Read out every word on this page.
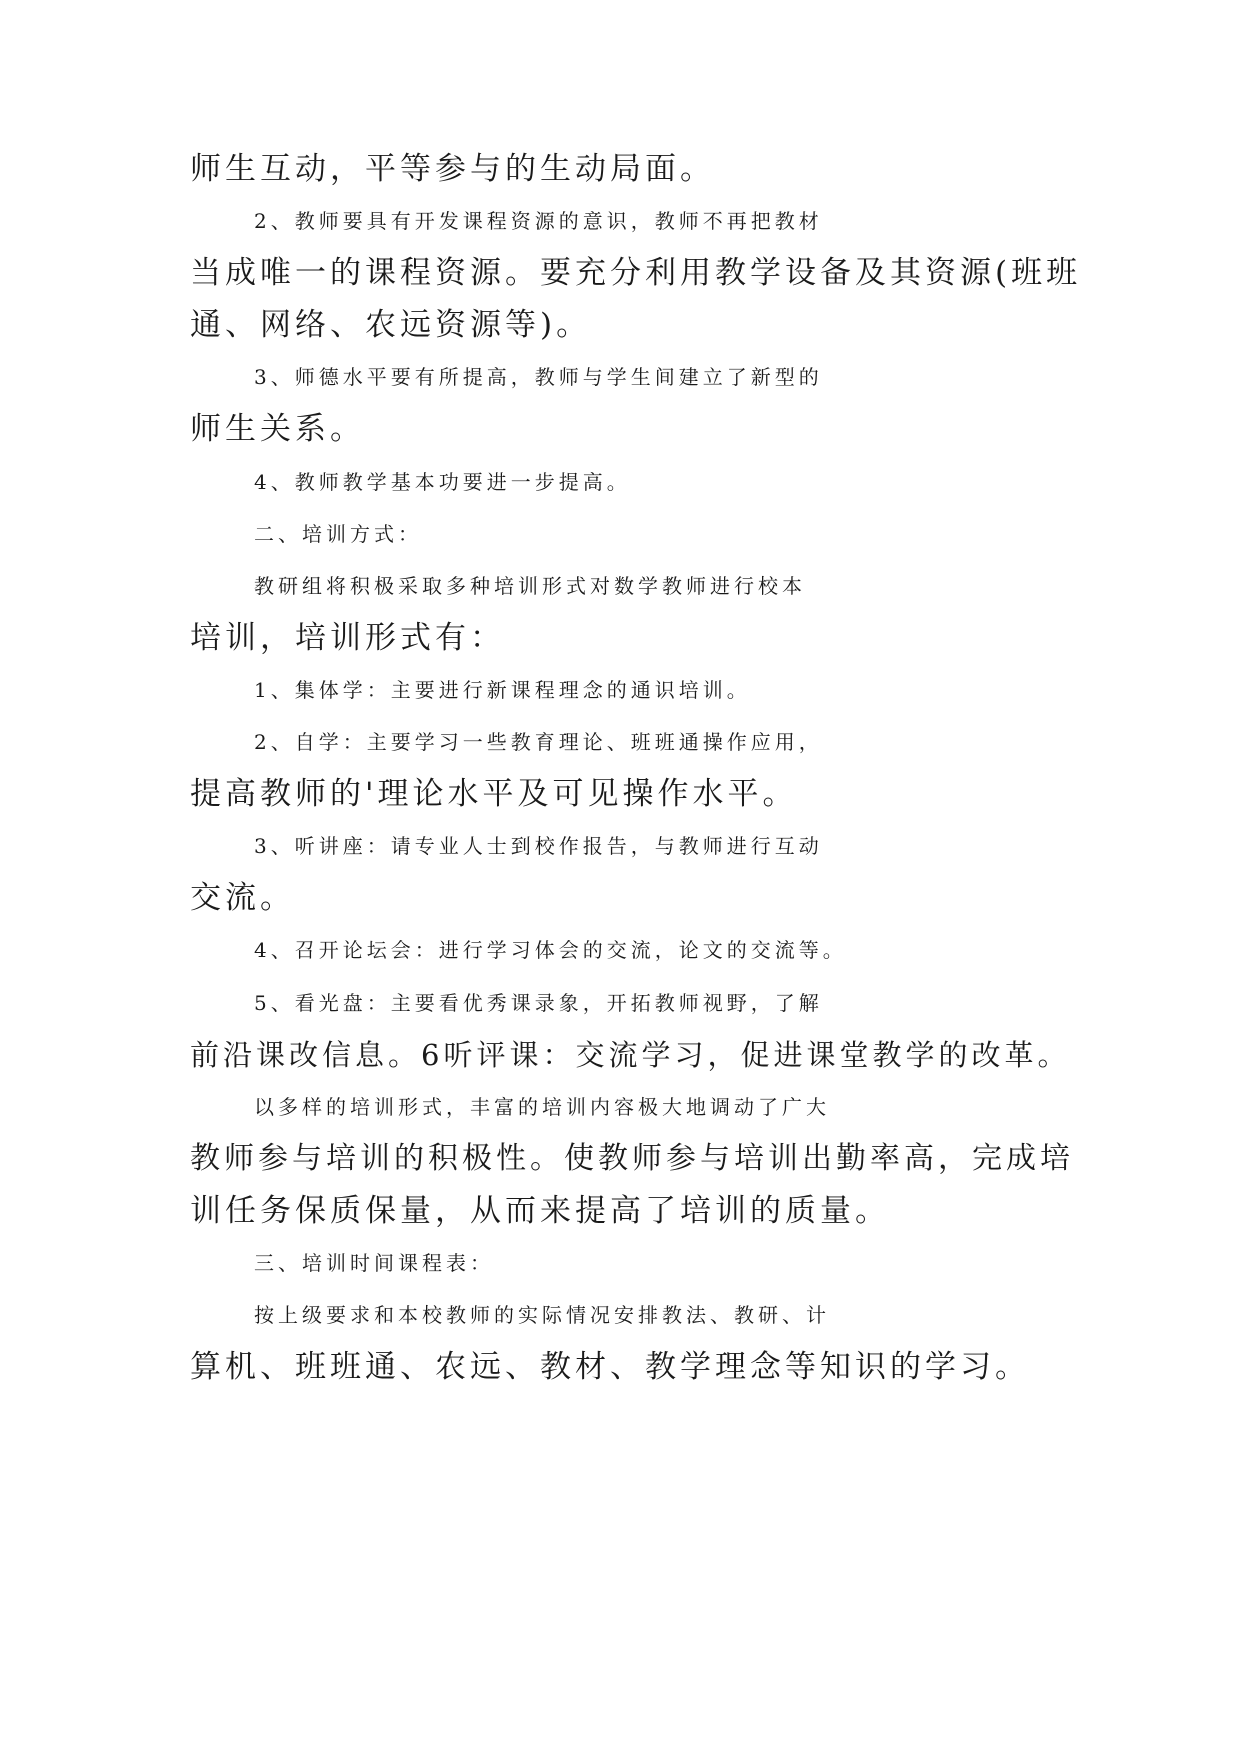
师生互动，平等参与的生动局面。
2、教师要具有开发课程资源的意识，教师不再把教材
当成唯一的课程资源。要充分利用教学设备及其资源(班班
通、网络、农远资源等)。
3、师德水平要有所提高，教师与学生间建立了新型的
师生关系。
4、教师教学基本功要进一步提高。
二、培训方式：
教研组将积极采取多种培训形式对数学教师进行校本
培训，培训形式有：
1、集体学：主要进行新课程理念的通识培训。
2、自学：主要学习一些教育理论、班班通操作应用，
提高教师的'理论水平及可见操作水平。
3、听讲座：请专业人士到校作报告，与教师进行互动
交流。
4、召开论坛会：进行学习体会的交流，论文的交流等。
5、看光盘：主要看优秀课录象，开拓教师视野，了解
前沿课改信息。6听评课：交流学习，促进课堂教学的改革。
以多样的培训形式，丰富的培训内容极大地调动了广大
教师参与培训的积极性。使教师参与培训出勤率高，完成培
训任务保质保量，从而来提高了培训的质量。
三、培训时间课程表：
按上级要求和本校教师的实际情况安排教法、教研、计
算机、班班通、农远、教材、教学理念等知识的学习。
